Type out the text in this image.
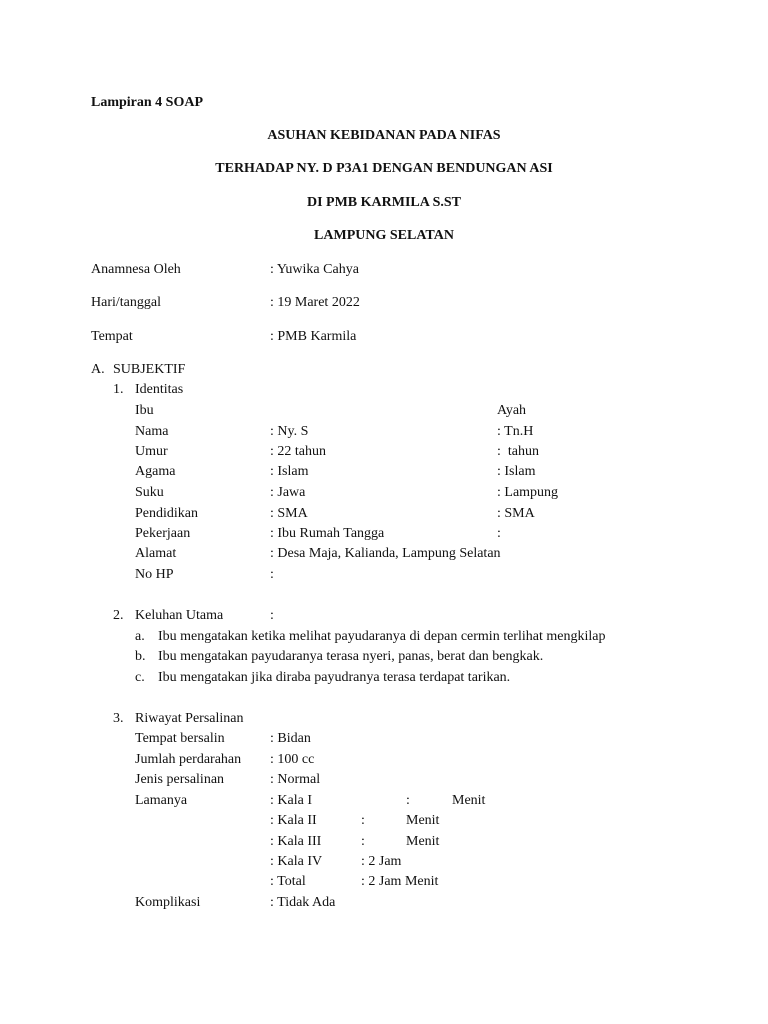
Lampiran 4 SOAP
ASUHAN KEBIDANAN PADA NIFAS
TERHADAP NY. D P3A1 DENGAN BENDUNGAN ASI
DI PMB KARMILA S.ST
LAMPUNG SELATAN
Anamnesa Oleh	: Yuwika Cahya
Hari/tanggal	: 19 Maret 2022
Tempat	: PMB Karmila
A. SUBJEKTIF
1. Identitas
Ibu	Ayah
Nama	: Ny. S	: Tn.H
Umur	: 22 tahun	:  tahun
Agama	: Islam	: Islam
Suku	: Jawa	: Lampung
Pendidikan	: SMA	: SMA
Pekerjaan	: Ibu Rumah Tangga	:
Alamat	: Desa Maja, Kalianda, Lampung Selatan
No HP	:
2. Keluhan Utama	:
a. Ibu mengatakan ketika melihat payudaranya di depan cermin terlihat mengkilap
b. Ibu mengatakan payudaranya terasa nyeri, panas, berat dan bengkak.
c. Ibu mengatakan jika diraba payudranya terasa terdapat tarikan.
3. Riwayat Persalinan
Tempat bersalin	: Bidan
Jumlah perdarahan : 100 cc
Jenis persalinan	: Normal
Lamanya	: Kala I	:	Menit
: Kala II	:	Menit
: Kala III	:	Menit
: Kala IV	: 2 Jam
: Total	: 2 Jam Menit
Komplikasi	: Tidak Ada
